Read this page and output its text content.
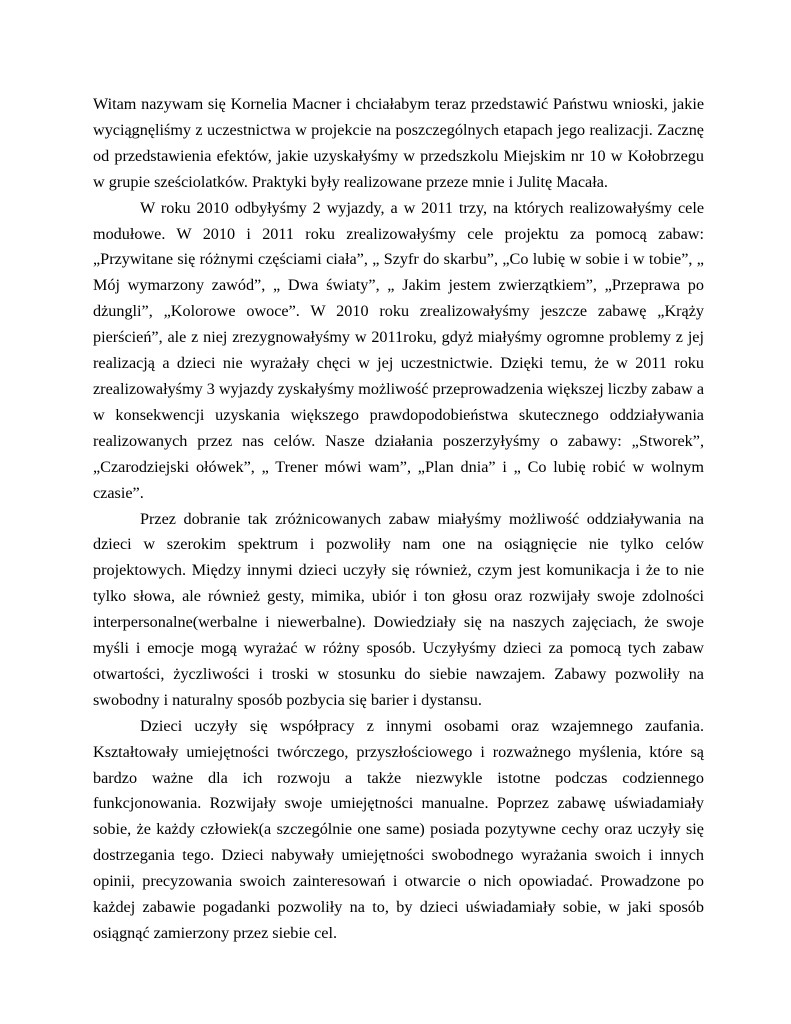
Witam nazywam się Kornelia Macner i chciałabym teraz przedstawić Państwu wnioski, jakie wyciągnęliśmy z uczestnictwa w projekcie na poszczególnych etapach jego realizacji. Zacznę od przedstawienia efektów, jakie uzyskałyśmy w przedszkolu Miejskim nr 10 w Kołobrzegu w grupie sześciolatków. Praktyki były realizowane przeze mnie i Julitę Macała.

W roku 2010 odbyłyśmy 2 wyjazdy, a w 2011 trzy, na których realizowałyśmy cele modułowe. W 2010 i 2011 roku zrealizowałyśmy cele projektu za pomocą zabaw: „Przywitane się różnymi częściami ciała”, „ Szyfr do skarbu”, „Co lubię w sobie i w tobie”, „ Mój wymarzony zawód”, „ Dwa światy”, „ Jakim jestem zwierzątkiem”, „Przeprawa po dżungli”, „Kolorowe owoce”. W 2010 roku zrealizowałyśmy jeszcze zabawę „Krąży pierścień”, ale z niej zrezygnowałyśmy w 2011roku, gdyż miałyśmy ogromne problemy z jej realizacją a dzieci nie wyrażały chęci w jej uczestnictwie. Dzięki temu, że w 2011 roku zrealizowałyśmy 3 wyjazdy zyskałyśmy możliwość przeprowadzenia większej liczby zabaw a w konsekwencji uzyskania większego prawdopodobieństwa skutecznego oddziaływania realizowanych przez nas celów. Nasze działania poszerzyłyśmy o zabawy: „Stworek”, „Czarodziejski ołówek”, „ Trener mówi wam”, „Plan dnia” i „ Co lubię robić w wolnym czasie”.

Przez dobranie tak zróżnicowanych zabaw miałyśmy możliwość oddziaływania na dzieci w szerokim spektrum i pozwoliły nam one na osiągnięcie nie tylko celów projektowych. Między innymi dzieci uczyły się również, czym jest komunikacja i że to nie tylko słowa, ale również gesty, mimika, ubiór i ton głosu oraz rozwijały swoje zdolności interpersonalne(werbalne i niewerbalne). Dowiedziały się na naszych zajęciach, że swoje myśli i emocje mogą wyrażać w różny sposób. Uczyłyśmy dzieci za pomocą tych zabaw otwartości, życzliwości i troski w stosunku do siebie nawzajem. Zabawy pozwoliły na swobodny i naturalny sposób pozbycia się barier i dystansu.

Dzieci uczyły się współpracy z innymi osobami oraz wzajemnego zaufania. Kształtowały umiejętności twórczego, przyszłościowego i rozważnego myślenia, które są bardzo ważne dla ich rozwoju a także niezwykle istotne podczas codziennego funkcjonowania. Rozwijały swoje umiejętności manualne. Poprzez zabawę uświadamiały sobie, że każdy człowiek(a szczególnie one same) posiada pozytywne cechy oraz uczyły się dostrzegania tego. Dzieci nabywały umiejętności swobodnego wyrażania swoich i innych opinii, precyzowania swoich zainteresowań i otwarcie o nich opowiadać. Prowadzone po każdej zabawie pogadanki pozwoliły na to, by dzieci uświadamiały sobie, w jaki sposób osiągnąć zamierzony przez siebie cel.
